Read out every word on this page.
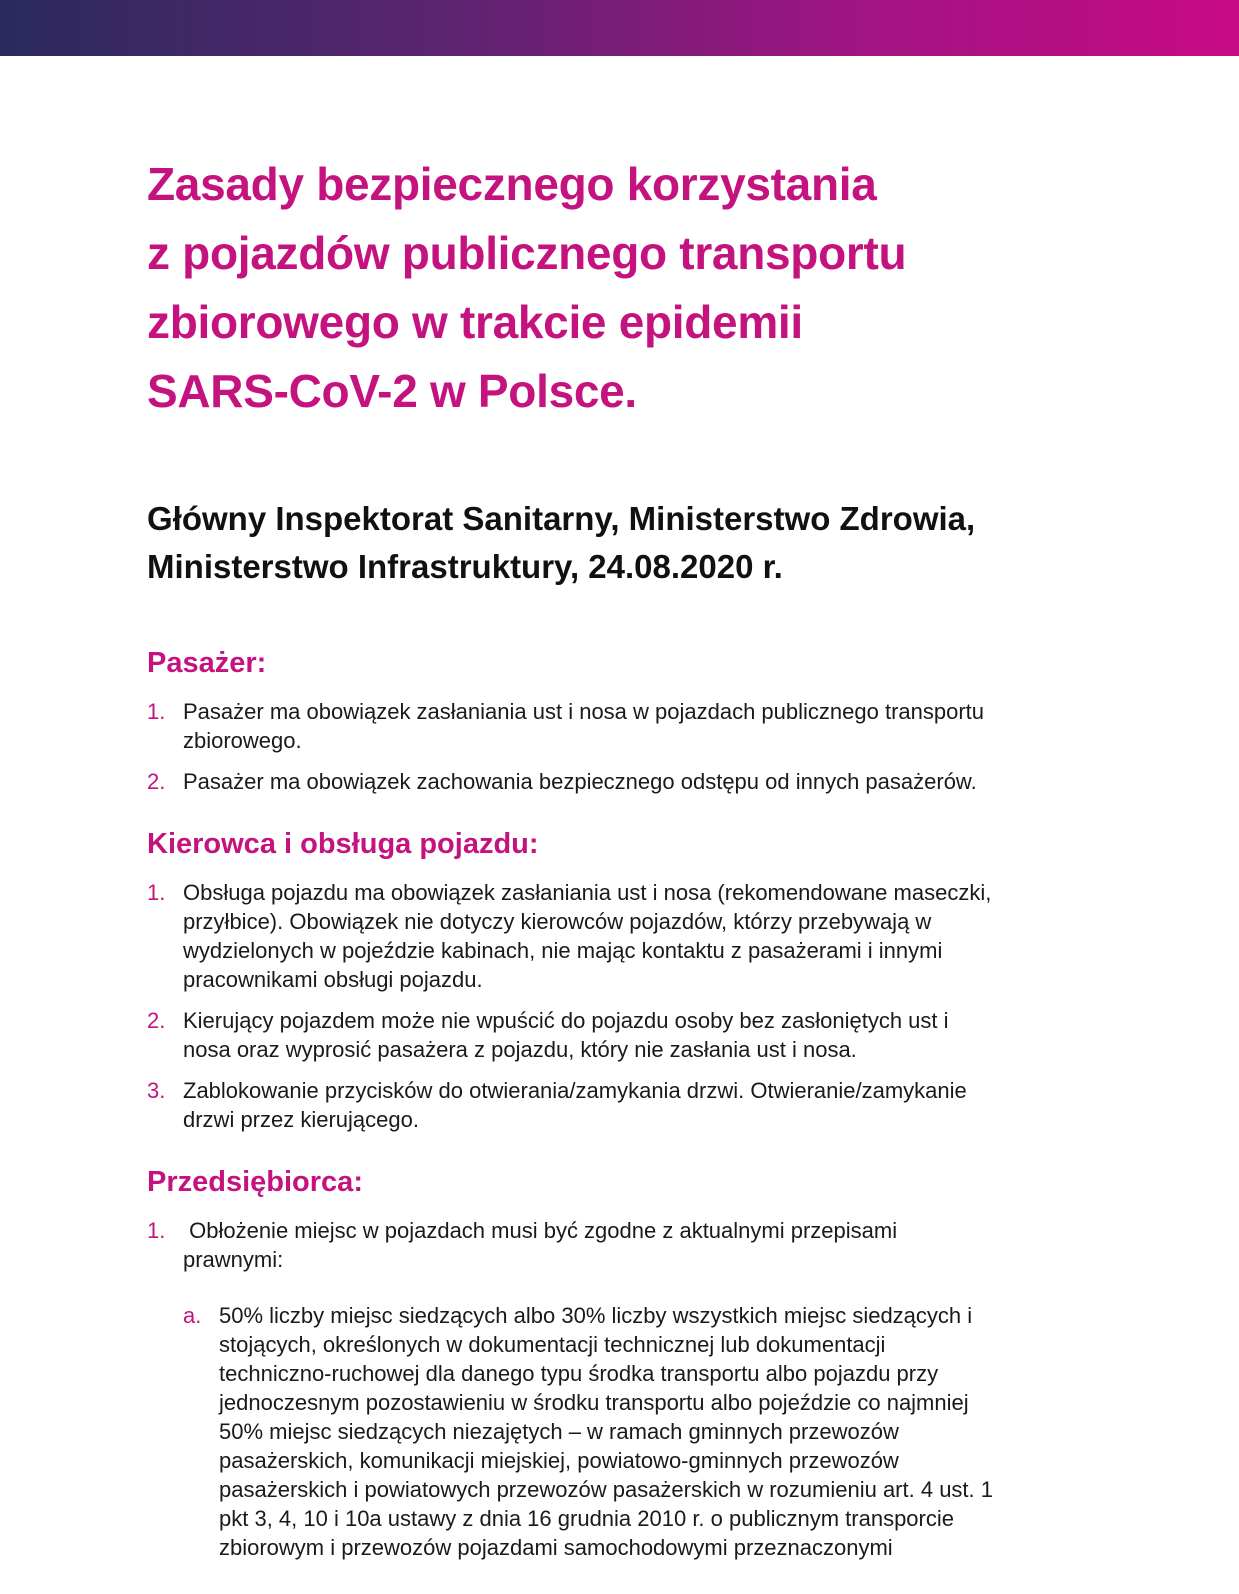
Zasady bezpiecznego korzystania
z pojazdów publicznego transportu
zbiorowego w trakcie epidemii
SARS-CoV-2 w Polsce.
Główny Inspektorat Sanitarny, Ministerstwo Zdrowia,
Ministerstwo Infrastruktury, 24.08.2020 r.
Pasażer:
1. Pasażer ma obowiązek zasłaniania ust i nosa w pojazdach publicznego transportu
zbiorowego.
2. Pasażer ma obowiązek zachowania bezpiecznego odstępu od innych pasażerów.
Kierowca i obsługa pojazdu:
1. Obsługa pojazdu ma obowiązek zasłaniania ust i nosa (rekomendowane maseczki,
przyłbice). Obowiązek nie dotyczy kierowców pojazdów, którzy przebywają w
wydzielonych w pojeździe kabinach, nie mając kontaktu z pasażerami i innymi
pracownikami obsługi pojazdu.
2. Kierujący pojazdem może nie wpuścić do pojazdu osoby bez zasłoniętych ust i
nosa oraz wyprosić pasażera z pojazdu, który nie zasłania ust i nosa.
3. Zablokowanie przycisków do otwierania/zamykania drzwi. Otwieranie/zamykanie
drzwi przez kierującego.
Przedsiębiorca:
1. Obłożenie miejsc w pojazdach musi być zgodne z aktualnymi przepisami
prawnymi:
a. 50% liczby miejsc siedzących albo 30% liczby wszystkich miejsc siedzących i
stojących, określonych w dokumentacji technicznej lub dokumentacji
techniczno-ruchowej dla danego typu środka transportu albo pojazdu przy
jednoczesnym pozostawieniu w środku transportu albo pojeździe co najmniej
50% miejsc siedzących niezajętych – w ramach gminnych przewozów
pasażerskich, komunikacji miejskiej, powiatowo-gminnych przewozów
pasażerskich i powiatowych przewozów pasażerskich w rozumieniu art. 4 ust. 1
pkt 3, 4, 10 i 10a ustawy z dnia 16 grudnia 2010 r. o publicznym transporcie
zbiorowym i przewozów pojazdami samochodowymi przeznaczonymi
